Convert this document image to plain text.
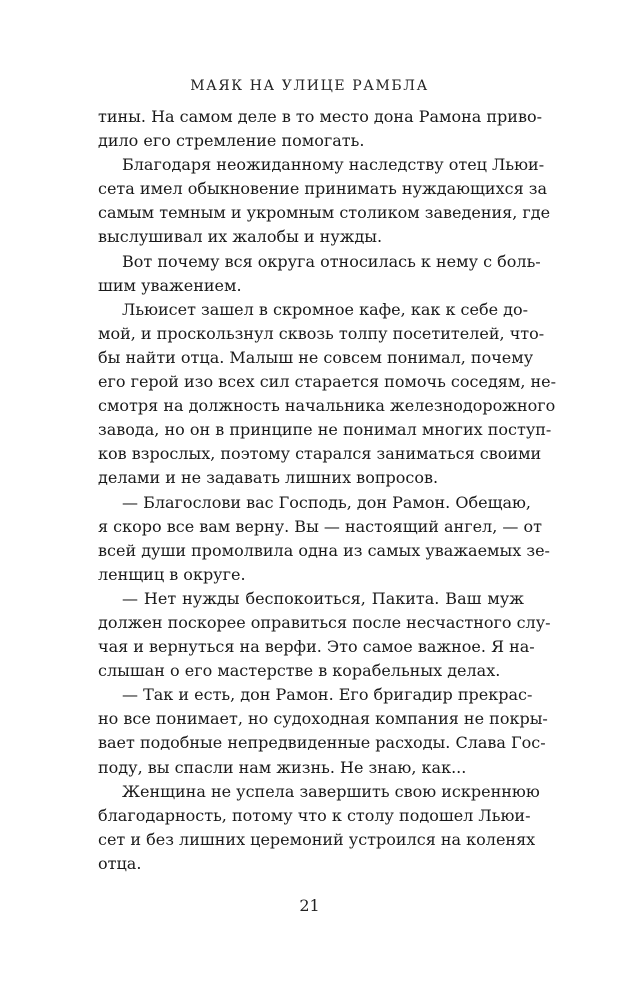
МАЯК НА УЛИЦЕ РАМБЛА
тины. На самом деле в то место дона Рамона приво-
дило его стремление помогать.
Благодаря неожиданному наследству отец Льюи-
сета имел обыкновение принимать нуждающихся за
самым темным и укромным столиком заведения, где
выслушивал их жалобы и нужды.
Вот почему вся округа относилась к нему с боль-
шим уважением.
Льюисет зашел в скромное кафе, как к себе до-
мой, и проскользнул сквозь толпу посетителей, что-
бы найти отца. Малыш не совсем понимал, почему
его герой изо всех сил старается помочь соседям, не-
смотря на должность начальника железнодорожного
завода, но он в принципе не понимал многих поступ-
ков взрослых, поэтому старался заниматься своими
делами и не задавать лишних вопросов.
— Благослови вас Господь, дон Рамон. Обещаю,
я скоро все вам верну. Вы — настоящий ангел, — от
всей души промолвила одна из самых уважаемых зе-
ленщиц в округе.
— Нет нужды беспокоиться, Пакита. Ваш муж
должен поскорее оправиться после несчастного слу-
чая и вернуться на верфи. Это самое важное. Я на-
слышан о его мастерстве в корабельных делах.
— Так и есть, дон Рамон. Его бригадир прекрас-
но все понимает, но судоходная компания не покры-
вает подобные непредвиденные расходы. Слава Гос-
поду, вы спасли нам жизнь. Не знаю, как...
Женщина не успела завершить свою искреннюю
благодарность, потому что к столу подошел Льюи-
сет и без лишних церемоний устроился на коленях
отца.
21
